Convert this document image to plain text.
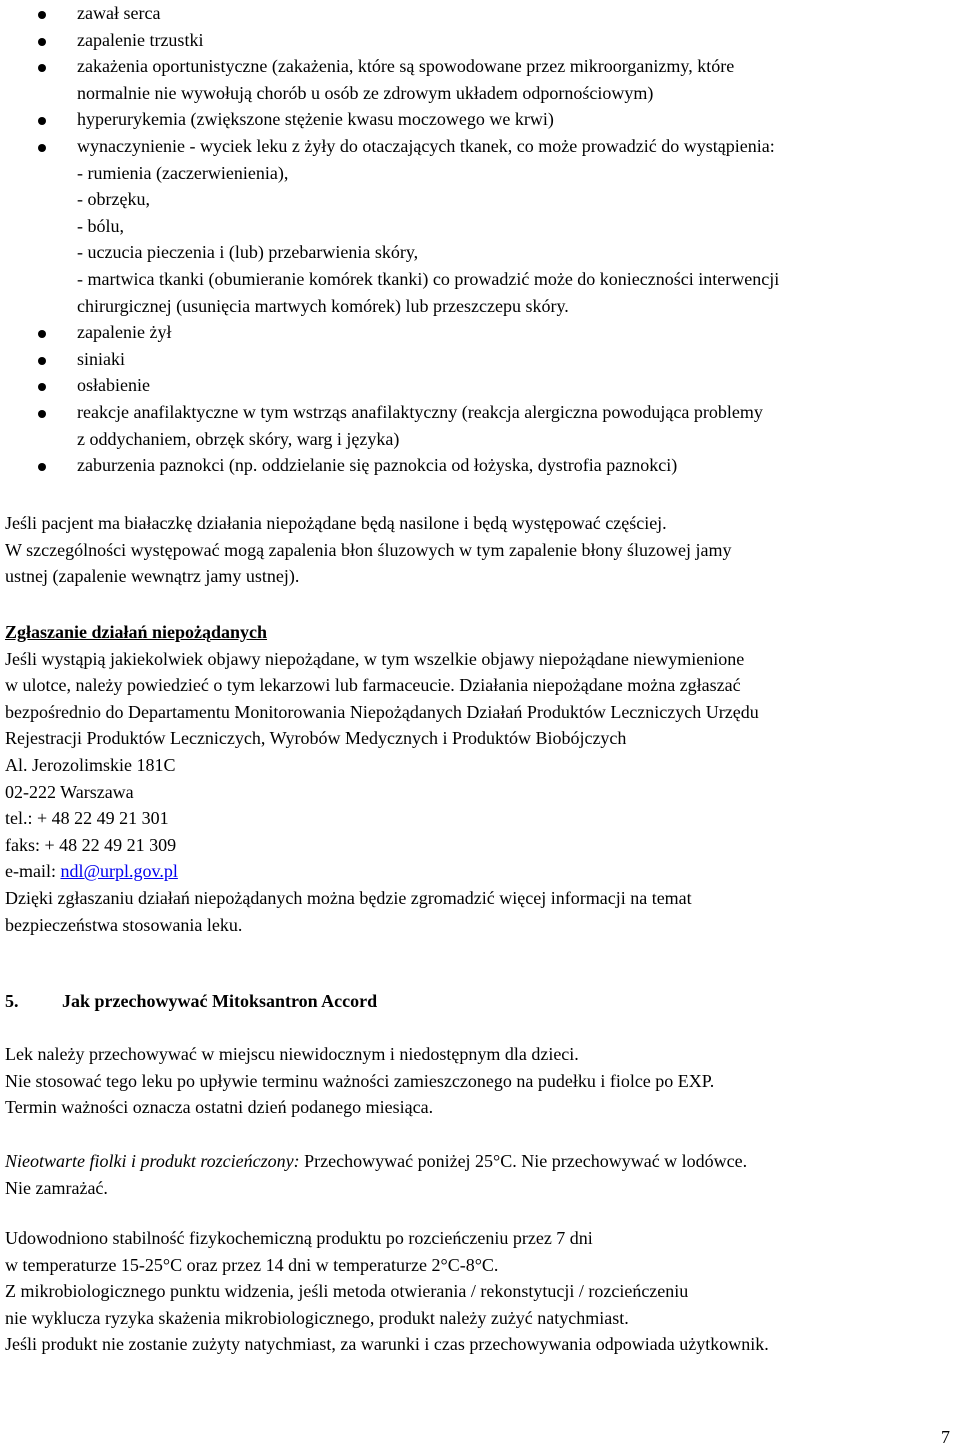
zawał serca
zapalenie trzustki
zakażenia oportunistyczne (zakażenia, które są spowodowane przez mikroorganizmy, które
normalnie nie wywołują chorób u osób ze zdrowym układem odpornościowym)
hyperurykemia (zwiększone stężenie kwasu moczowego we krwi)
wynaczynienie - wyciek leku z żyły do otaczających tkanek, co może prowadzić do wystąpienia:
- rumienia (zaczerwienienia),
- obrzęku,
- bólu,
- uczucia pieczenia i (lub) przebarwienia skóry,
- martwica tkanki (obumieranie komórek tkanki) co prowadzić może do konieczności interwencji
chirurgicznej (usunięcia martwych komórek) lub przeszczepu skóry.
zapalenie żył
siniaki
osłabienie
reakcje anafilaktyczne w tym wstrząs anafilaktyczny (reakcja alergiczna powodująca problemy
z oddychaniem, obrzęk skóry, warg i języka)
zaburzenia paznokci (np. oddzielanie się paznokcia od łożyska, dystrofia paznokci)
Jeśli pacjent ma białaczkę działania niepożądane będą nasilone i będą występować częściej.
W szczególności występować mogą zapalenia błon śluzowych w tym zapalenie błony śluzowej jamy
ustnej (zapalenie wewnątrz jamy ustnej).
Zgłaszanie działań niepożądanych
Jeśli wystąpią jakiekolwiek objawy niepożądane, w tym wszelkie objawy niepożądane niewymienione
w ulotce, należy powiedzieć o tym lekarzowi lub farmaceucie. Działania niepożądane można zgłaszać
bezpośrednio do Departamentu Monitorowania Niepożądanych Działań Produktów Leczniczych Urzędu
Rejestracji Produktów Leczniczych, Wyrobów Medycznych i Produktów Biobójczych
Al. Jerozolimskie 181C
02-222 Warszawa
tel.: + 48 22 49 21 301
faks: + 48 22 49 21 309
e-mail: ndl@urpl.gov.pl
Dzięki zgłaszaniu działań niepożądanych można będzie zgromadzić więcej informacji na temat
bezpieczeństwa stosowania leku.
5. Jak przechowywać Mitoksantron Accord
Lek należy przechowywać w miejscu niewidocznym i niedostępnym dla dzieci.
Nie stosować tego leku po upływie terminu ważności zamieszczonego na pudełku i fiolce po EXP.
Termin ważności oznacza ostatni dzień podanego miesiąca.
Nieotwarte fiolki i produkt rozcieńczony: Przechowywać poniżej 25°C. Nie przechowywać w lodówce.
Nie zamrażać.
Udowodniono stabilność fizykochemiczną produktu po rozcieńczeniu przez 7 dni
w temperaturze 15-25°C oraz przez 14 dni w temperaturze 2°C-8°C.
Z mikrobiologicznego punktu widzenia, jeśli metoda otwierania / rekonstytucji / rozcieńczeniu
nie wyklucza ryzyka skażenia mikrobiologicznego, produkt należy zużyć natychmiast.
Jeśli produkt nie zostanie zużyty natychmiast, za warunki i czas przechowywania odpowiada użytkownik.
7
